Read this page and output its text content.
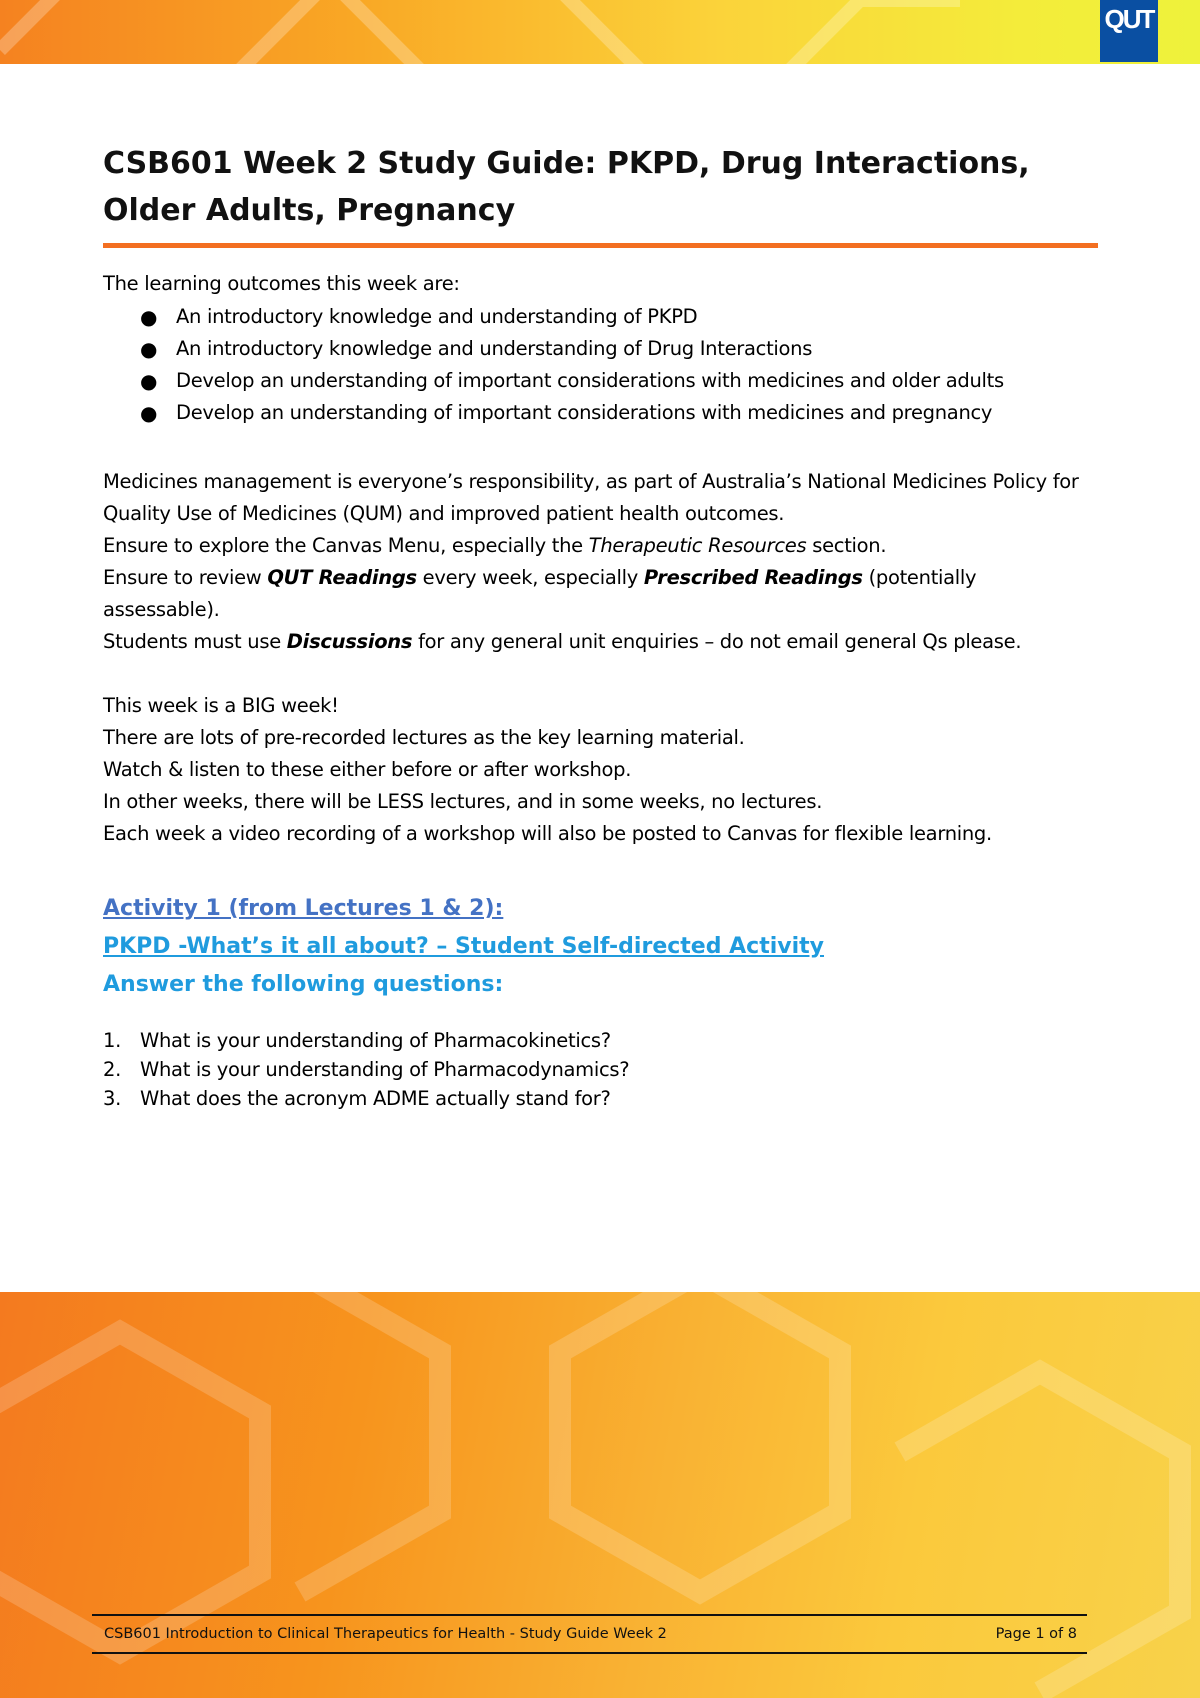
QUT
CSB601 Week 2 Study Guide: PKPD, Drug Interactions, Older Adults, Pregnancy
The learning outcomes this week are:
● An introductory knowledge and understanding of PKPD
● An introductory knowledge and understanding of Drug Interactions
● Develop an understanding of important considerations with medicines and older adults
● Develop an understanding of important considerations with medicines and pregnancy

Medicines management is everyone’s responsibility, as part of Australia’s National Medicines Policy for Quality Use of Medicines (QUM) and improved patient health outcomes.

Ensure to explore the Canvas Menu, especially the Therapeutic Resources section.

Ensure to review QUT Readings every week, especially Prescribed Readings (potentially assessable).

Students must use Discussions for any general unit enquiries – do not email general Qs please.

This week is a BIG week!

There are lots of pre-recorded lectures as the key learning material.

Watch & listen to these either before or after workshop.

In other weeks, there will be LESS lectures, and in some weeks, no lectures.

Each week a video recording of a workshop will also be posted to Canvas for flexible learning.

Activity 1 (from Lectures 1 & 2):
PKPD -What’s it all about? – Student Self-directed Activity
Answer the following questions:
1. What is your understanding of Pharmacokinetics?
2. What is your understanding of Pharmacodynamics?
3. What does the acronym ADME actually stand for?
CSB601 Introduction to Clinical Therapeutics for Health - Study Guide Week 2	Page 1 of 8
